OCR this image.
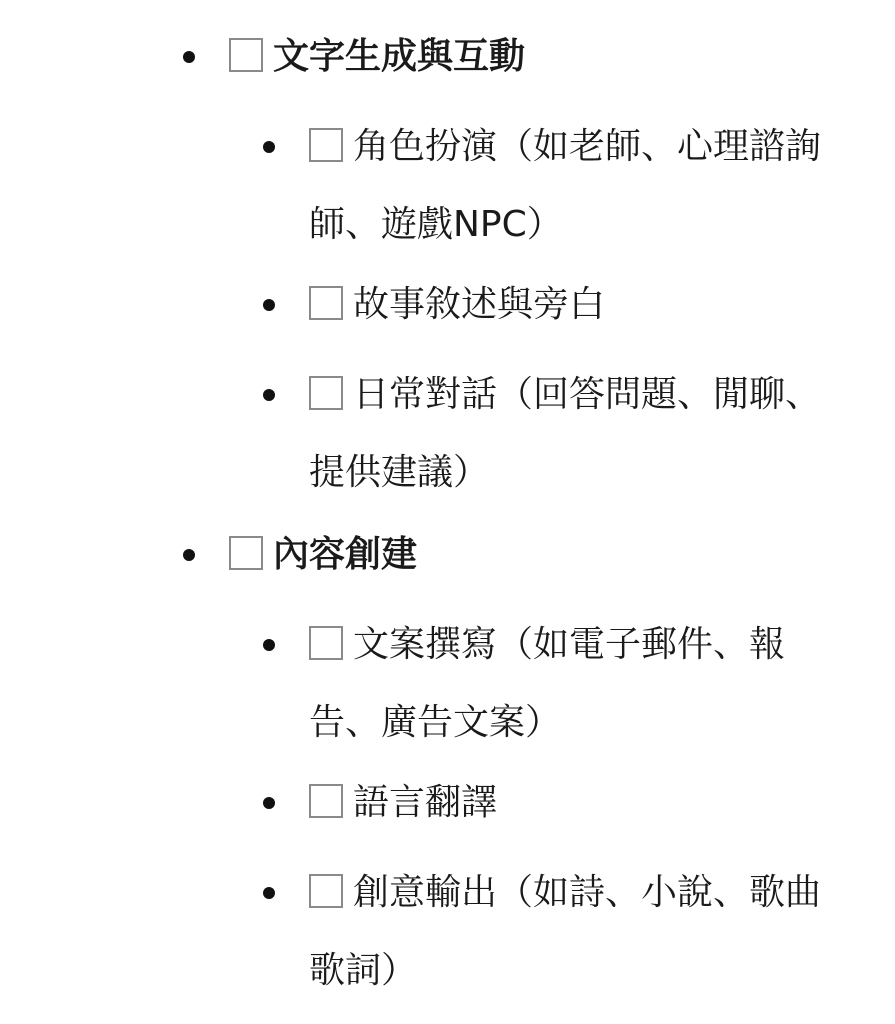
文字生成與互動
角色扮演（如老師、心理諮詢師、遊戲NPC）
故事敘述與旁白
日常對話（回答問題、閒聊、提供建議）
內容創建
文案撰寫（如電子郵件、報告、廣告文案）
語言翻譯
創意輸出（如詩、小說、歌曲歌詞）
